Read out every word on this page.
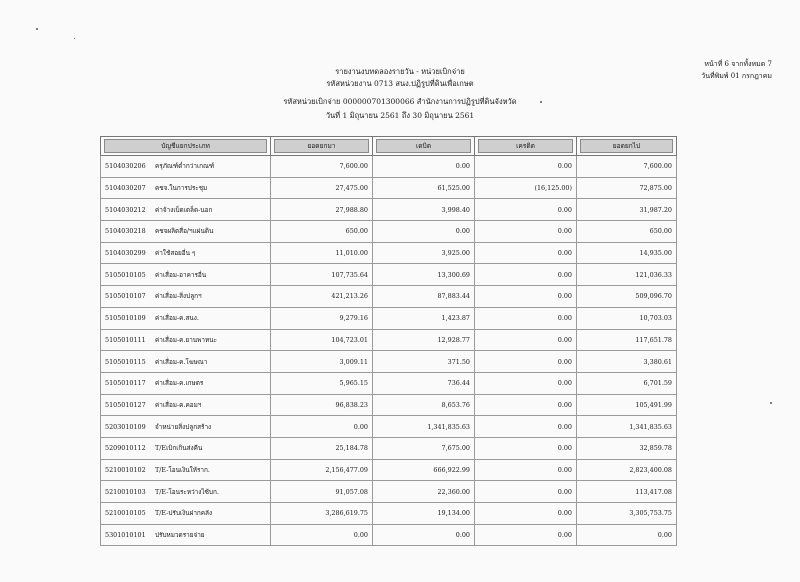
รายงานงบทดลองรายวัน - หน่วยเบิกจ่าย
รหัสหน่วยงาน 0713 สนง.ปฏิรูปที่ดินเพื่อเกษต
รหัสหน่วยเบิกจ่าย 000000701300066 สำนักงานการปฏิรูปที่ดินจังหวัด
วันที่ 1 มิถุนายน 2561 ถึง 30 มิถุนายน 2561
หน้าที่ 6 จากทั้งหมด 7
วันที่พิมพ์ 01 กรกฎาคม
บัญชีแยกประเภท	ยอดยกมา	เดบิต	เครดิต	ยอดยกไป

5104030206 ครุภัณฑ์ต่ำกว่าเกณฑ์	7,600.00	0.00	0.00	7,600.00
5104030207 คชจ.ในการประชุม	27,475.00	61,525.00	(16,125.00)	72,875.00
5104030212 ค่าจ้างเบ็ดเตล็ด-นอก	27,988.80	3,998.40	0.00	31,987.20
5104030218 คชจผลิตสื่อ/ฯแผ่นดิน	650.00	0.00	0.00	650.00
5104030299 ค่าใช้สอยอื่น ๆ	11,010.00	3,925.00	0.00	14,935.00
5105010105 ค่าเสื่อม-อาคารอื่น	107,735.64	13,300.69	0.00	121,036.33
5105010107 ค่าเสื่อม-สิ่งปลูกฯ	421,213.26	87,883.44	0.00	509,096.70
5105010109 ค่าเสื่อม-ค.สนง.	9,279.16	1,423.87	0.00	10,703.03
5105010111 ค่าเสื่อม-ค.ยานพาหนะ	104,723.01	12,928.77	0.00	117,651.78
5105010115 ค่าเสื่อม-ค.โฆษณา	3,009.11	371.50	0.00	3,380.61
5105010117 ค่าเสื่อม-ค.เกษตร	5,965.15	736.44	0.00	6,701.59
5105010127 ค่าเสื่อม-ค.คอมฯ	96,838.23	8,653.76	0.00	105,491.99
5203010109 จำหน่ายสิ่งปลูกสร้าง	0.00	1,341,835.63	0.00	1,341,835.63
5209010112 T/Eเบิกเกินส่งคืน	25,184.78	7,675.00	0.00	32,859.78
5210010102 T/E-โอนเงินให้ราก.	2,156,477.09	666,922.99	0.00	2,823,400.08
5210010103 T/E-โอนระหว่างไซ้บก.	91,057.08	22,360.00	0.00	113,417.08
5210010105 T/E-ปรับเงินฝากคลัง	3,286,619.75	19,134.00	0.00	3,305,753.75
5301010101 ปรับหมวดรายจ่าย	0.00	0.00	0.00	0.00
